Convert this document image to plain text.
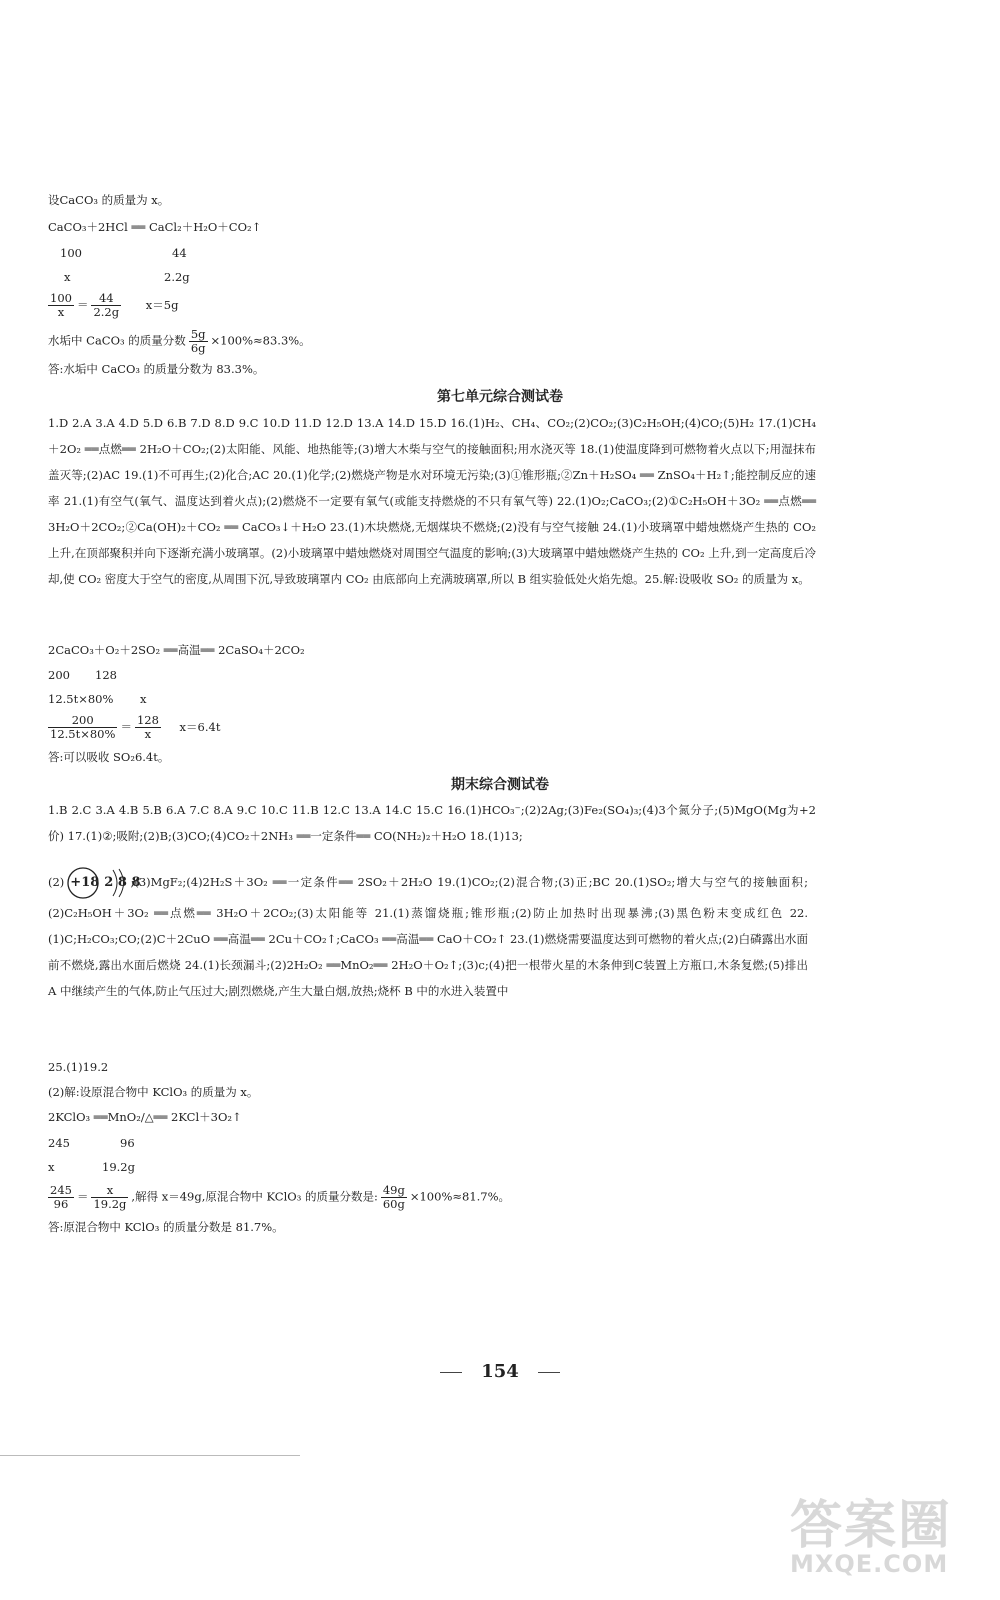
设CaCO₃ 的质量为 x。
CaCO₃＋2HCl ══ CaCl₂＋H₂O＋CO₂↑
100	44
x	2.2g
$\frac{100}{x} = \frac{44}{2.2g} x=5g$
水垢中 CaCO₃ 的质量分数 $\frac{5g}{6g} \times 100\%\approx 83.3\%$。
答:水垢中 CaCO₃ 的质量分数为 83.3%。
第七单元综合测试卷
1.D 2.A 3.A 4.D 5.D 6.B 7.D 8.D 9.C 10.D 11.D 12.D 13.A 14.D 15.D 16.(1)H₂、CH₄、CO₂;(2)CO₂;(3)C₂H₅OH;(4)CO;(5)H₂ 17.(1)CH₄＋2O₂ ══点燃══ 2H₂O＋CO₂;(2)太阳能、风能、地热能等;(3)增大木柴与空气的接触面积;用水浇灭等 18.(1)使温度降到可燃物着火点以下;用湿抹布盖灭等;(2)AC 19.(1)不可再生;(2)化合;AC 20.(1)化学;(2)燃烧产物是水对环境无污染;(3)①锥形瓶;②Zn＋H₂SO₄ ══ ZnSO₄＋H₂↑;能控制反应的速率 21.(1)有空气(氧气、温度达到着火点);(2)燃烧不一定要有氧气(或能支持燃烧的不只有氧气等) 22.(1)O₂;CaCO₃;(2)①C₂H₅OH＋3O₂ ══点燃══ 3H₂O＋2CO₂;②Ca(OH)₂＋CO₂ ══ CaCO₃↓＋H₂O 23.(1)木块燃烧,无烟煤块不燃烧;(2)没有与空气接触 24.(1)小玻璃罩中蜡烛燃烧产生热的 CO₂ 上升,在顶部聚积并向下逐渐充满小玻璃罩。(2)小玻璃罩中蜡烛燃烧对周围空气温度的影响;(3)大玻璃罩中蜡烛燃烧产生热的 CO₂ 上升,到一定高度后冷却,使 CO₂ 密度大于空气的密度,从周围下沉,导致玻璃罩内 CO₂ 由底部向上充满玻璃罩,所以 B 组实验低处火焰先熄。25.解:设吸收 SO₂ 的质量为 x。
2CaCO₃＋O₂＋2SO₂ ══高温══ 2CaSO₄＋2CO₂
200 128
12.5t×80% x
$\frac{200}{12.5t\times 80\%} = \frac{128}{x} x=6.4t$
答:可以吸收 SO₂6.4t。
期末综合测试卷
1.B 2.C 3.A 4.B 5.B 6.A 7.C 8.A 9.C 10.C 11.B 12.C 13.A 14.C 15.C 16.(1)HCO₃⁻;(2)2Ag;(3)Fe₂(SO₄)₃;(4)3个氮分子;(5)MgO(Mg为+2价) 17.(1)②;吸附;(2)B;(3)CO;(4)CO₂＋2NH₃ ══一定条件══ CO(NH₂)₂＋H₂O 18.(1)13;
(2) +18 2 8 8
;(3)MgF₂;(4)2H₂S＋3O₂ ══一定条件══ 2SO₂＋2H₂O 19.(1)CO₂;(2)混合物;(3)正;BC 20.(1)SO₂;增大与空气的接触面积;(2)C₂H₅OH＋3O₂ ══点燃══ 3H₂O＋2CO₂;(3)太阳能等 21.(1)蒸馏烧瓶;锥形瓶;(2)防止加热时出现暴沸;(3)黑色粉末变成红色 22.(1)C;H₂CO₃;CO;(2)C＋2CuO ══高温══ 2Cu＋CO₂↑;CaCO₃ ══高温══ CaO＋CO₂↑ 23.(1)燃烧需要温度达到可燃物的着火点;(2)白磷露出水面前不燃烧,露出水面后燃烧 24.(1)长颈漏斗;(2)2H₂O₂ ══MnO₂══ 2H₂O＋O₂↑;(3)c;(4)把一根带火星的木条伸到C装置上方瓶口,木条复燃;(5)排出 A 中继续产生的气体,防止气压过大;剧烈燃烧,产生大量白烟,放热;烧杯 B 中的水进入装置中
25.(1)19.2
(2)解:设原混合物中 KClO₃ 的质量为 x。
2KClO₃ ══MnO₂/△══ 2KCl＋3O₂↑
245	96
x	19.2g
$\frac{245}{96} = \frac{x}{19.2g}$ ,解得 x＝49g,原混合物中 KClO₃ 的质量分数是: $\frac{49g}{60g} \times 100\%\approx 81.7\%$。
答:原混合物中 KClO₃ 的质量分数是 81.7%。
154
答案圈
MXQE.COM
